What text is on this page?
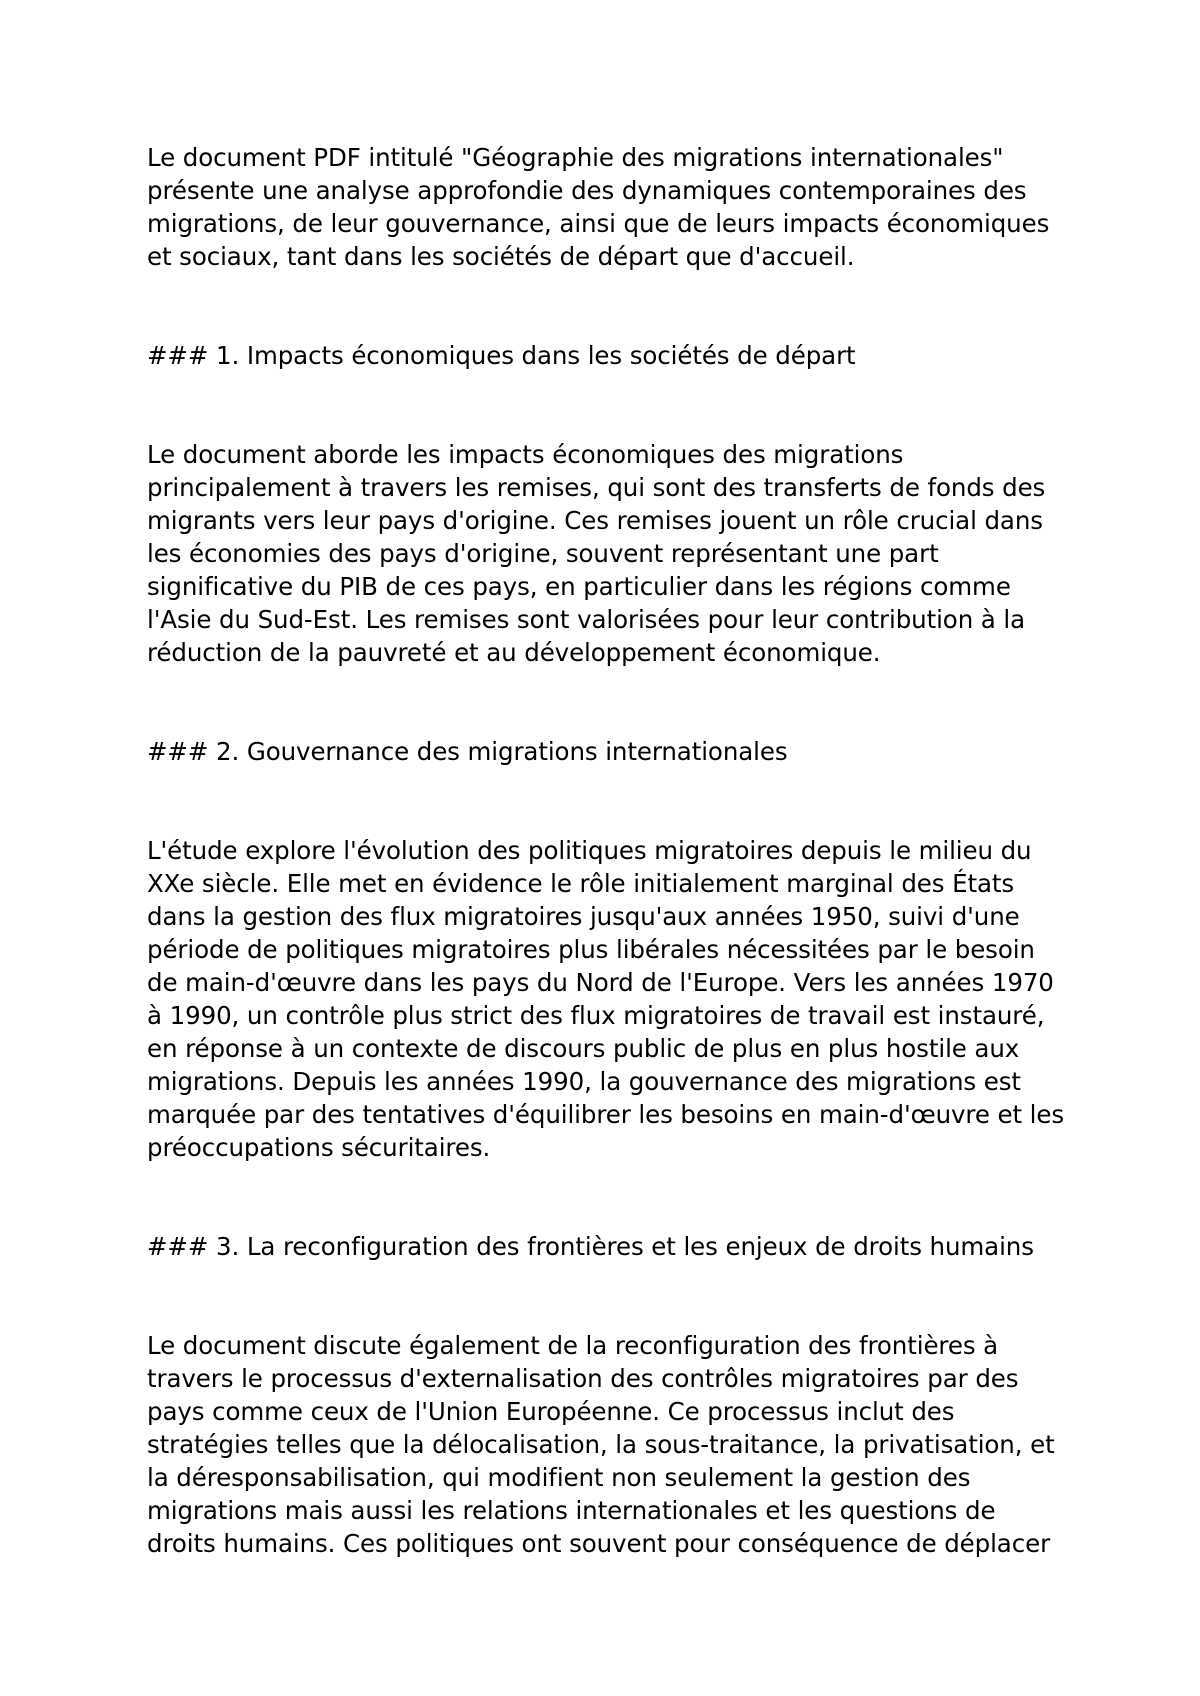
Le document PDF intitulé "Géographie des migrations internationales" présente une analyse approfondie des dynamiques contemporaines des migrations, de leur gouvernance, ainsi que de leurs impacts économiques et sociaux, tant dans les sociétés de départ que d'accueil.

### 1. Impacts économiques dans les sociétés de départ

Le document aborde les impacts économiques des migrations principalement à travers les remises, qui sont des transferts de fonds des migrants vers leur pays d'origine. Ces remises jouent un rôle crucial dans les économies des pays d'origine, souvent représentant une part significative du PIB de ces pays, en particulier dans les régions comme l'Asie du Sud-Est. Les remises sont valorisées pour leur contribution à la réduction de la pauvreté et au développement économique.

### 2. Gouvernance des migrations internationales

L'étude explore l'évolution des politiques migratoires depuis le milieu du XXe siècle. Elle met en évidence le rôle initialement marginal des États dans la gestion des flux migratoires jusqu'aux années 1950, suivi d'une période de politiques migratoires plus libérales nécessitées par le besoin de main-d'œuvre dans les pays du Nord de l'Europe. Vers les années 1970 à 1990, un contrôle plus strict des flux migratoires de travail est instauré, en réponse à un contexte de discours public de plus en plus hostile aux migrations. Depuis les années 1990, la gouvernance des migrations est marquée par des tentatives d'équilibrer les besoins en main-d'œuvre et les préoccupations sécuritaires.

### 3. La reconfiguration des frontières et les enjeux de droits humains

Le document discute également de la reconfiguration des frontières à travers le processus d'externalisation des contrôles migratoires par des pays comme ceux de l'Union Européenne. Ce processus inclut des stratégies telles que la délocalisation, la sous-traitance, la privatisation, et la déresponsabilisation, qui modifient non seulement la gestion des migrations mais aussi les relations internationales et les questions de droits humains. Ces politiques ont souvent pour conséquence de déplacer
